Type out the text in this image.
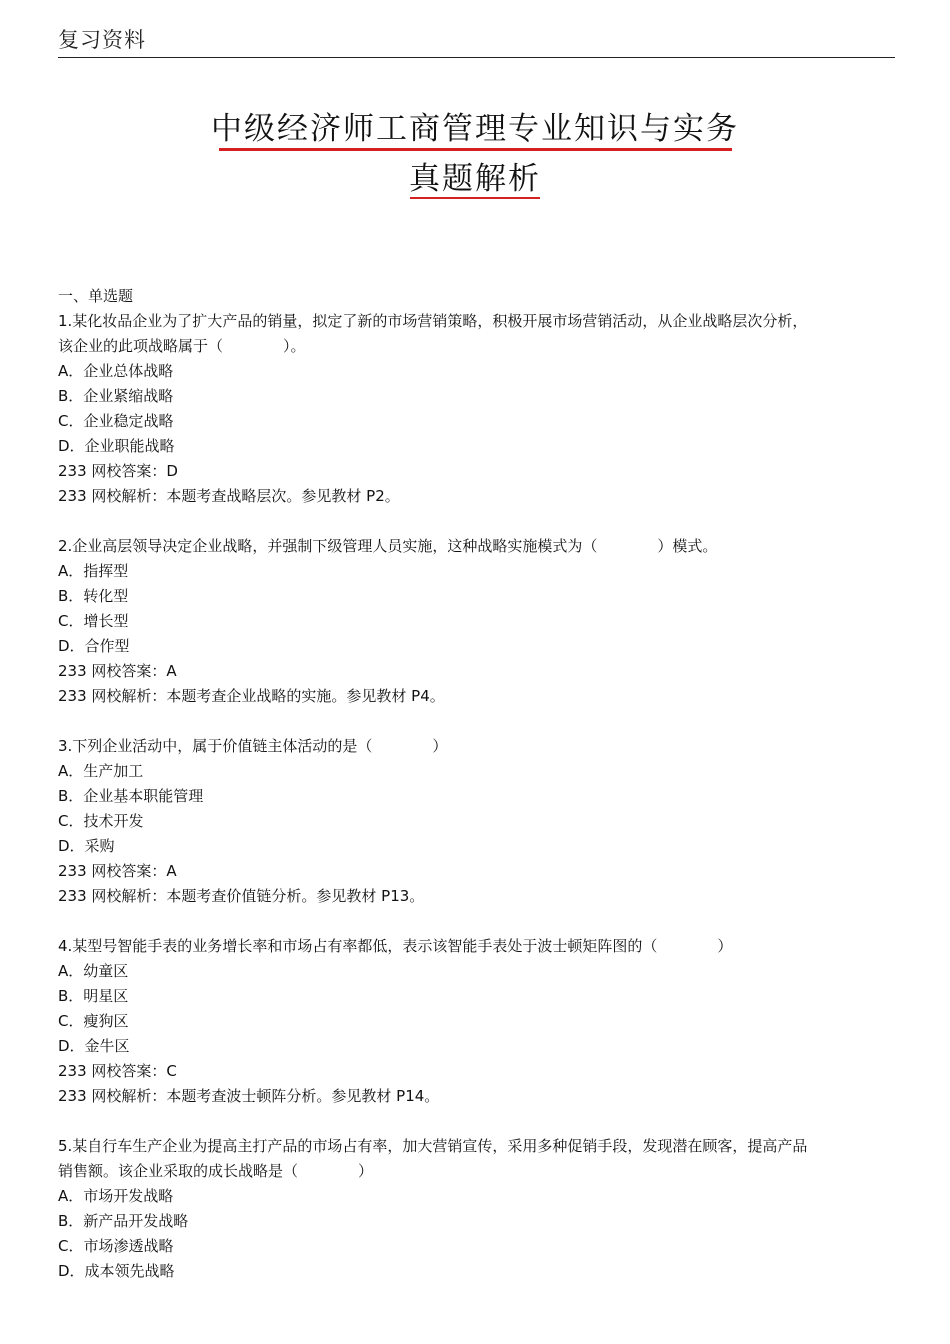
复习资料
中级经济师工商管理专业知识与实务
真题解析
一、单选题
1.某化妆品企业为了扩大产品的销量，拟定了新的市场营销策略，积极开展市场营销活动，从企业战略层次分析，
该企业的此项战略属于（　　　　）。
A．企业总体战略
B．企业紧缩战略
C．企业稳定战略
D．企业职能战略
233 网校答案：D
233 网校解析：本题考查战略层次。参见教材 P2。
2.企业高层领导决定企业战略，并强制下级管理人员实施，这种战略实施模式为（　　　　）模式。
A．指挥型
B．转化型
C．增长型
D．合作型
233 网校答案：A
233 网校解析：本题考查企业战略的实施。参见教材 P4。
3.下列企业活动中，属于价值链主体活动的是（　　　　）
A．生产加工
B．企业基本职能管理
C．技术开发
D．采购
233 网校答案：A
233 网校解析：本题考查价值链分析。参见教材 P13。
4.某型号智能手表的业务增长率和市场占有率都低，表示该智能手表处于波士顿矩阵图的（　　　　）
A．幼童区
B．明星区
C．瘦狗区
D．金牛区
233 网校答案：C
233 网校解析：本题考查波士顿阵分析。参见教材 P14。
5.某自行车生产企业为提高主打产品的市场占有率，加大营销宣传，采用多种促销手段，发现潜在顾客，提高产品
销售额。该企业采取的成长战略是（　　　　）
A．市场开发战略
B．新产品开发战略
C．市场渗透战略
D．成本领先战略
